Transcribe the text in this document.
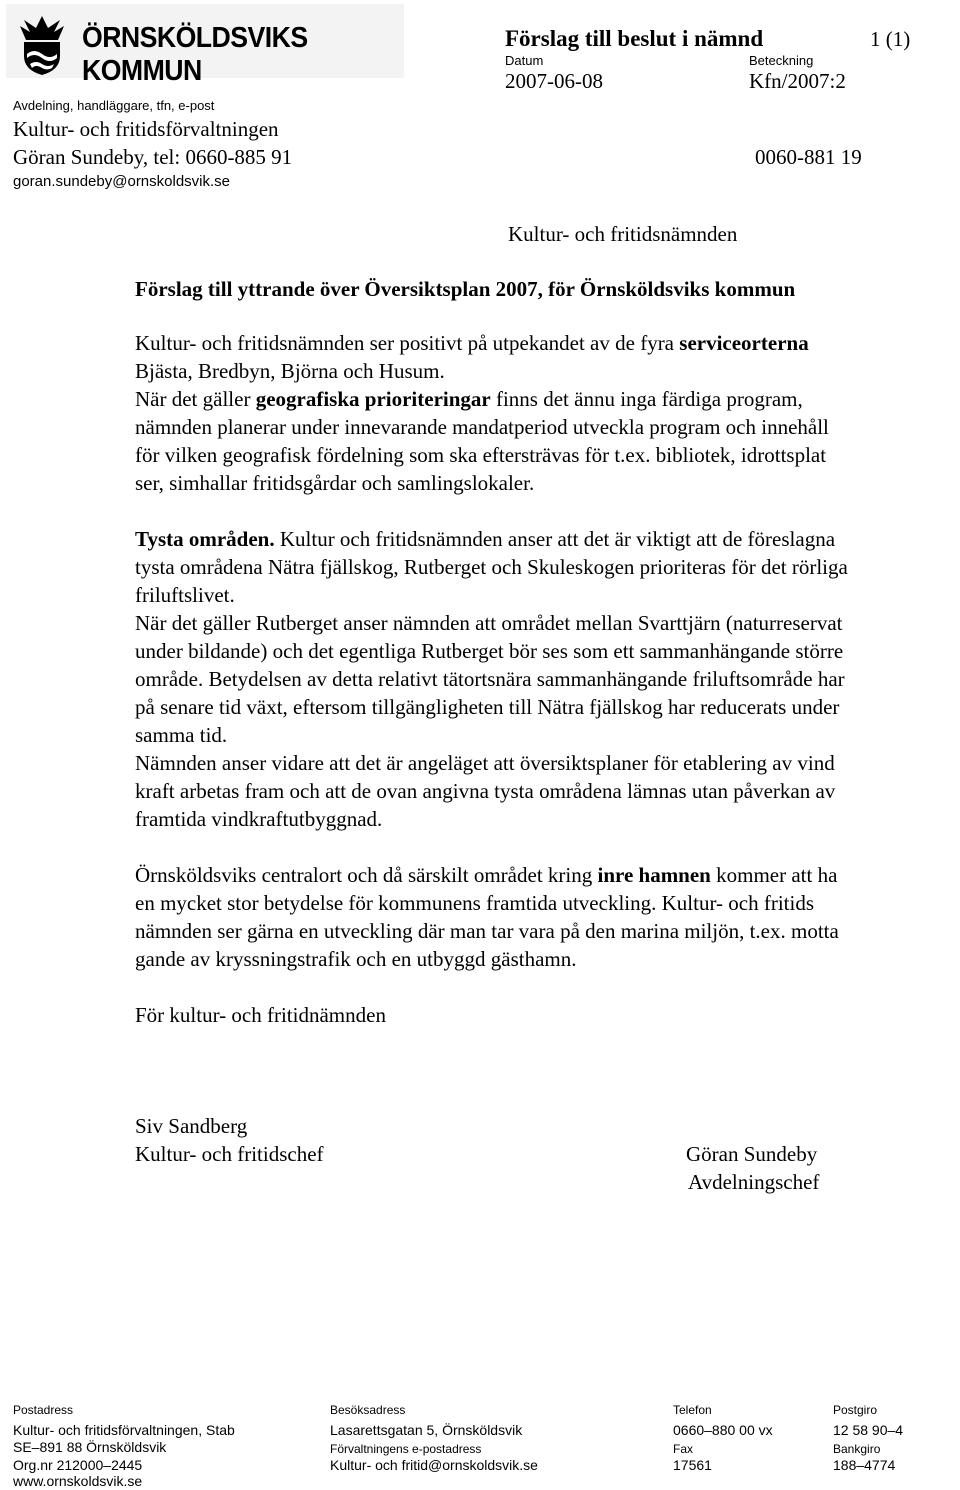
ÖRNSKÖLDSVIKS KOMMUN
Förslag till beslut i nämnd	1 (1)
Datum	Beteckning
2007-06-08	Kfn/2007:2
Avdelning, handläggare, tfn, e-post
Kultur- och fritidsförvaltningen
Göran Sundeby, tel: 0660-885 91	0060-881 19
goran.sundeby@ornskoldsvik.se
Kultur- och fritidsnämnden
Förslag till yttrande över Översiktsplan 2007, för Örnsköldsviks kommun

Kultur- och fritidsnämnden ser positivt på utpekandet av de fyra serviceorterna

Bjästa, Bredbyn, Björna och Husum.

När det gäller geografiska prioriteringar finns det ännu inga färdiga program,

nämnden planerar under innevarande mandatperiod utveckla program och innehåll

för vilken geografisk fördelning som ska eftersträvas för t.ex. bibliotek, idrottsplat

ser, simhallar fritidsgårdar och samlingslokaler.

Tysta områden. Kultur och fritidsnämnden anser att det är viktigt att de föreslagna

tysta områdena Nätra fjällskog, Rutberget och Skuleskogen prioriteras för det rörliga

friluftslivet.

När det gäller Rutberget anser nämnden att området mellan Svarttjärn (naturreservat

under bildande) och det egentliga Rutberget bör ses som ett sammanhängande större

område. Betydelsen av detta relativt tätortsnära sammanhängande friluftsområde har

på senare tid växt, eftersom tillgängligheten till Nätra fjällskog har reducerats under

samma tid.

Nämnden anser vidare att det är angeläget att översiktsplaner för etablering av vind

kraft arbetas fram och att de ovan angivna tysta områdena lämnas utan påverkan av

framtida vindkraftutbyggnad.

Örnsköldsviks centralort och då särskilt området kring inre hamnen kommer att ha

en mycket stor betydelse för kommunens framtida utveckling. Kultur- och fritids

nämnden ser gärna en utveckling där man tar vara på den marina miljön, t.ex. motta

gande av kryssningstrafik och en utbyggd gästhamn.

För kultur- och fritidnämnden

Siv Sandberg
Kultur- och fritidschef	Göran Sundeby
Avdelningschef
Postadress	Besöksadress	Telefon	Postgiro
Kultur- och fritidsförvaltningen, Stab	Lasarettsgatan 5, Örnsköldsvik	0660–880 00 vx	12 58 90–4
SE–891 88 Örnsköldsvik	Förvaltningens e-postadress	Fax	Bankgiro
Org.nr 212000–2445	Kultur- och fritid@ornskoldsvik.se	17561	188–4774
www.ornskoldsvik.se
